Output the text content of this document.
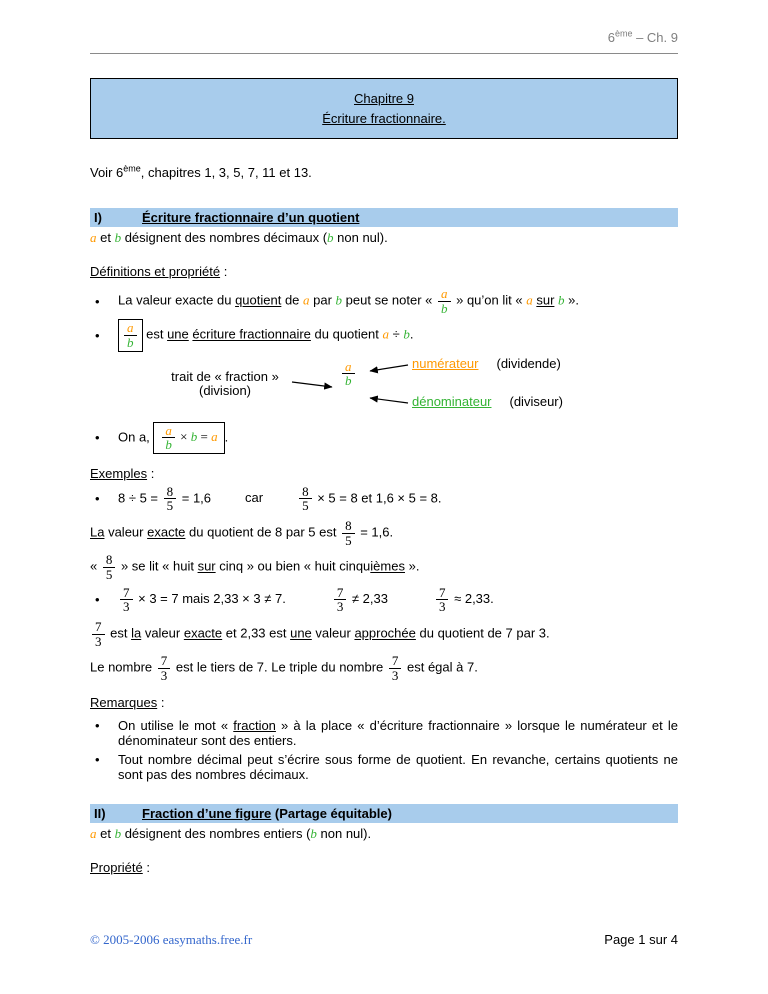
6ème – Ch. 9
Chapitre 9
Écriture fractionnaire.
Voir 6ème, chapitres 1, 3, 5, 7, 11 et 13.
I)	Écriture fractionnaire d’un quotient
a et b désignent des nombres décimaux (b non nul).
Définitions et propriété :
•	La valeur exacte du quotient de a par b peut se noter « $\frac{a}{b}$ » qu’on lit « a sur b ».
•	$\frac{a}{b}$ est une écriture fractionnaire du quotient a ÷ b.
trait de « fraction »
(division)
$\frac{a}{b}$	numérateur (dividende)
dénominateur (diviseur)
•	On a, $\frac{a}{b} \times b = a$ .
Exemples :
•	$8 \div 5 = \frac{8}{5} = 1,6$	car	$\frac{8}{5} \times 5 = 8$ et 1,6 × 5 = 8.
La valeur exacte du quotient de 8 par 5 est $\frac{8}{5} = 1,6$.
« $\frac{8}{5}$ » se lit « huit sur cinq » ou bien « huit cinquièmes ».
•	$\frac{7}{3} \times 3 = 7$ mais 2,33 × 3 ≠ 7.	$\frac{7}{3} \ne 2,33$	$\frac{7}{3} \approx 2,33$.
$\frac{7}{3}$ est la valeur exacte et 2,33 est une valeur approchée du quotient de 7 par 3.
Le nombre $\frac{7}{3}$ est le tiers de 7. Le triple du nombre $\frac{7}{3}$ est égal à 7.
Remarques :
•	On utilise le mot « fraction » à la place « d’écriture fractionnaire » lorsque le numérateur et le dénominateur sont des entiers.
•	Tout nombre décimal peut s’écrire sous forme de quotient. En revanche, certains quotients ne sont pas des nombres décimaux.
II)	Fraction d’une figure (Partage équitable)
a et b désignent des nombres entiers (b non nul).
Propriété :
© 2005-2006 easymaths.free.fr	Page 1 sur 4
